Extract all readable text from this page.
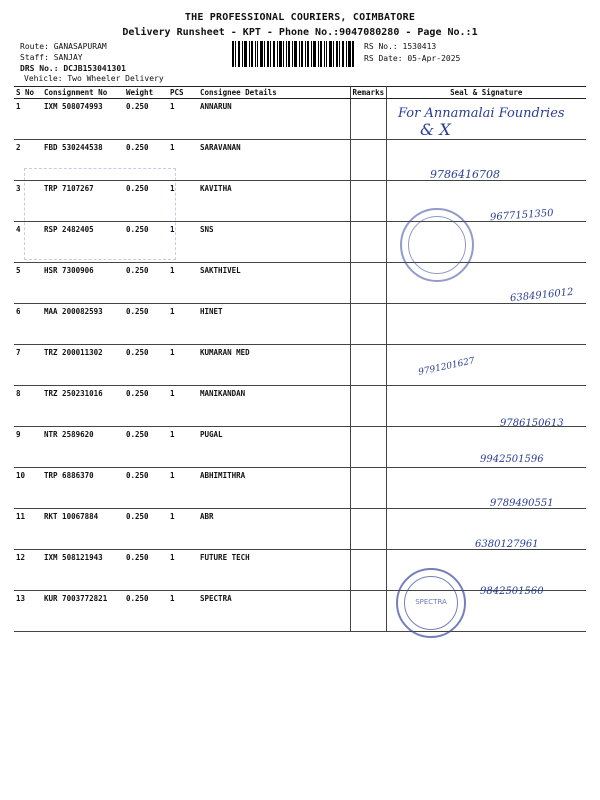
THE PROFESSIONAL COURIERS, COIMBATORE
Delivery Runsheet - KPT - Phone No.:9047080280 - Page No.:1
Route: GANASAPURAM
Staff: SANJAY
DRS No.: DCJB153041301
Vehicle: Two Wheeler Delivery
RS No.: 1530413
RS Date: 05-Apr-2025
S No	Consignment No	Weight	PCS	Consignee Details	Remarks	Seal & Signature
1	IXM 508074993	0.250	1	ANNARUN		
2	FBD 530244538	0.250	1	SARAVANAN		
3	TRP 7107267	0.250	1	KAVITHA		
4	RSP 2482405	0.250	1	SNS		
5	HSR 7300906	0.250	1	SAKTHIVEL		
6	MAA 200082593	0.250	1	HINET		
7	TRZ 200011302	0.250	1	KUMARAN MED		
8	TRZ 250231016	0.250	1	MANIKANDAN		
9	NTR 2589620	0.250	1	PUGAL		
10	TRP 6886370	0.250	1	ABHIMITHRA		
11	RKT 10067884	0.250	1	ABR		
12	IXM 508121943	0.250	1	FUTURE TECH		
13	KUR 7003772821	0.250	1	SPECTRA		
For Annamalai Foundries
& X
9786416708
9677151350
6384916012
9791201627
9786150613
9942501596
9789490551
6380127961
9842501560
SPECTRA
